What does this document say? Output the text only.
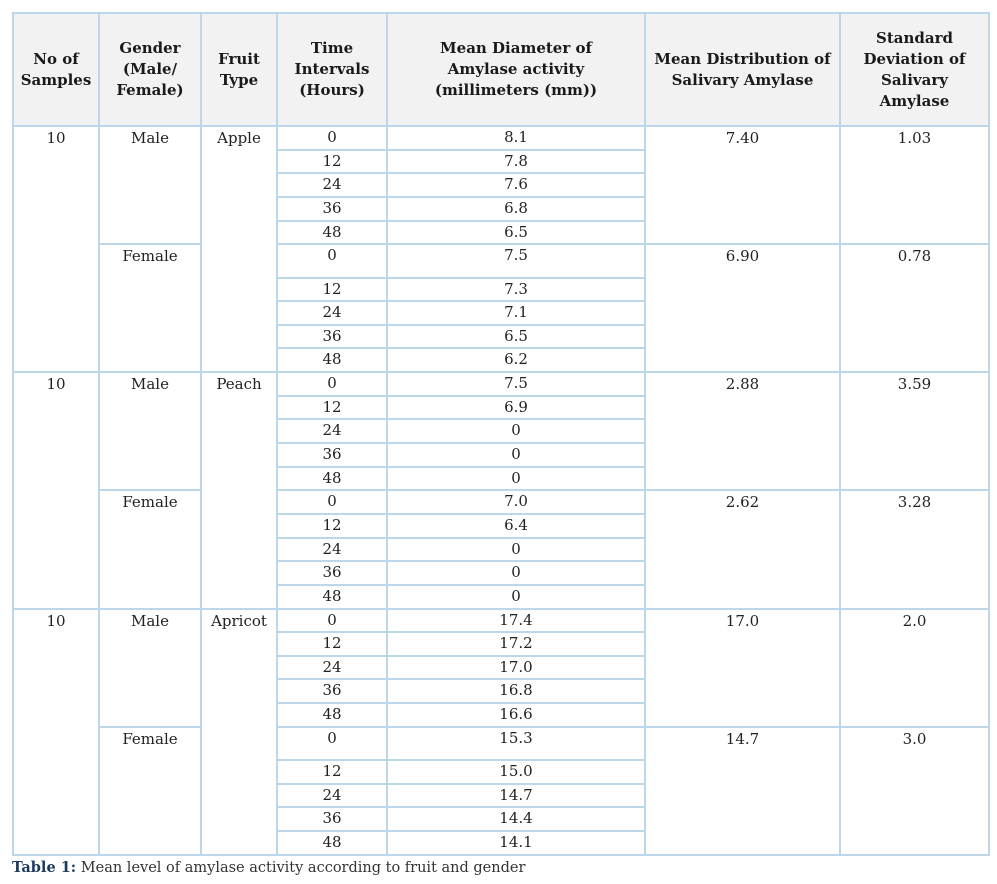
No of Samples	Gender (Male/ Female)	Fruit Type	Time Intervals (Hours)	Mean Diameter of Amylase activity (millimeters (mm))	Mean Distribution of Salivary Amylase	Standard Deviation of Salivary Amylase
10	Male	Apple	0	8.1	7.40	1.03
			12	7.8		
			24	7.6		
			36	6.8		
			48	6.5		
	Female		0	7.5	6.90	0.78
			12	7.3		
			24	7.1		
			36	6.5		
			48	6.2		
10	Male	Peach	0	7.5	2.88	3.59
			12	6.9		
			24	0		
			36	0		
			48	0		
	Female		0	7.0	2.62	3.28
			12	6.4		
			24	0		
			36	0		
			48	0		
10	Male	Apricot	0	17.4	17.0	2.0
			12	17.2		
			24	17.0		
			36	16.8		
			48	16.6		
	Female		0	15.3	14.7	3.0
			12	15.0		
			24	14.7		
			36	14.4		
			48	14.1		
Table 1: Mean level of amylase activity according to fruit and gender
